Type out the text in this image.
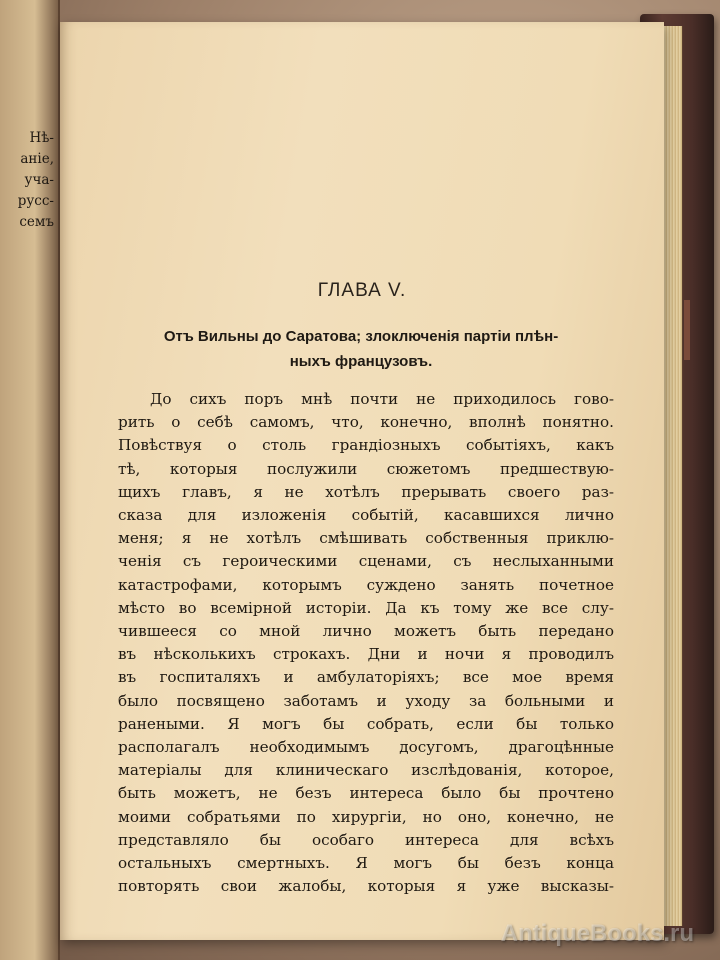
Нѣ-
аніе,
уча-
русс-
семъ
ГЛАВА V.
Отъ Вильны до Саратова; злоключенія партіи плѣн-
ныхъ французовъ.
До сихъ поръ мнѣ почти не приходилось гово-
рить о себѣ самомъ, что, конечно, вполнѣ понятно.
Повѣствуя о столь грандіозныхъ событіяхъ, какъ
тѣ, которыя послужили сюжетомъ предшествую-
щихъ главъ, я не хотѣлъ прерывать своего раз-
сказа для изложенія событій, касавшихся лично
меня; я не хотѣлъ смѣшивать собственныя приклю-
ченія съ героическими сценами, съ неслыханными
катастрофами, которымъ суждено занять почетное
мѣсто во всемірной исторіи. Да къ тому же все слу-
чившееся со мной лично можетъ быть передано
въ нѣсколькихъ строкахъ. Дни и ночи я проводилъ
въ госпиталяхъ и амбулаторіяхъ; все мое время
было посвящено заботамъ и уходу за больными и
ранеными. Я могъ бы собрать, если бы только
располагалъ необходимымъ досугомъ, драгоцѣнные
матеріалы для клиническаго изслѣдованія, которое,
быть можетъ, не безъ интереса было бы прочтено
моими собратьями по хирургіи, но оно, конечно, не
представляло бы особаго интереса для всѣхъ
остальныхъ смертныхъ. Я могъ бы безъ конца
повторять свои жалобы, которыя я уже высказы-
AntiqueBooks.ru
